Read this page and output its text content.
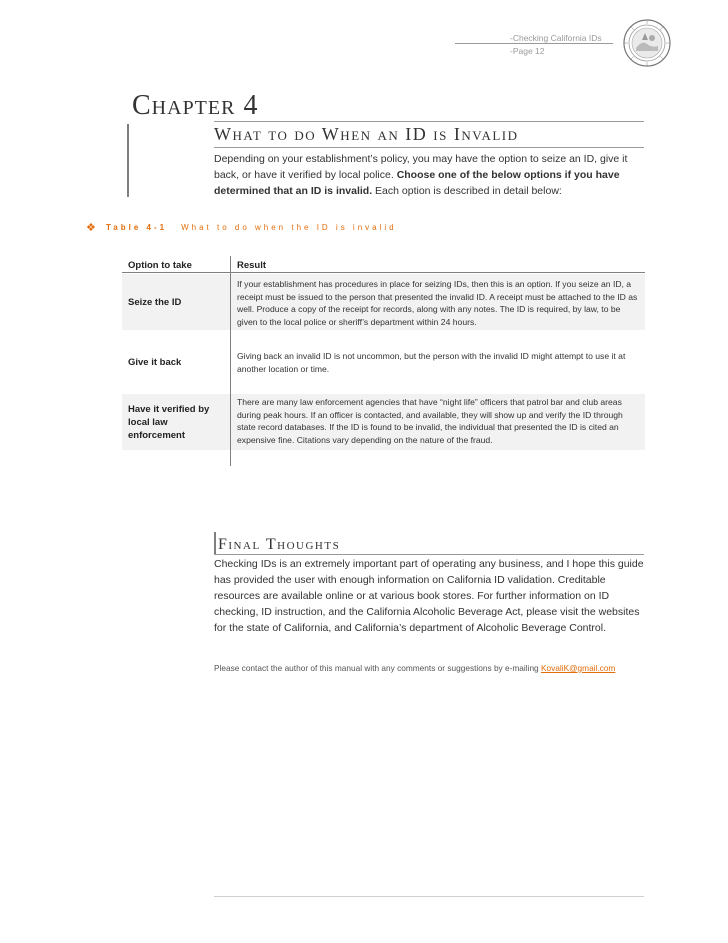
-Checking California IDs
-Page 12
Chapter 4
What to do When an ID is Invalid
Depending on your establishment’s policy, you may have the option to seize an ID, give it back, or have it verified by local police. Choose one of the below options if you have determined that an ID is invalid. Each option is described in detail below:
❖ Table 4-1 What to do when the ID is invalid
Option to take	Result
Seize the ID
If your establishment has procedures in place for seizing IDs, then this is an option. If you seize an ID, a receipt must be issued to the person that presented the invalid ID. A receipt must be attached to the ID as well. Produce a copy of the receipt for records, along with any notes. The ID is required, by law, to be given to the local police or sheriff’s department within 24 hours.
Give it back
Giving back an invalid ID is not uncommon, but the person with the invalid ID might attempt to use it at another location or time.
Have it verified by local law enforcement
There are many law enforcement agencies that have “night life” officers that patrol bar and club areas during peak hours. If an officer is contacted, and available, they will show up and verify the ID through state record databases. If the ID is found to be invalid, the individual that presented the ID is cited an expensive fine. Citations vary depending on the nature of the fraud.
Final Thoughts
Checking IDs is an extremely important part of operating any business, and I hope this guide has provided the user with enough information on California ID validation. Creditable resources are available online or at various book stores. For further information on ID checking, ID instruction, and the California Alcoholic Beverage Act, please visit the websites for the state of California, and California’s department of Alcoholic Beverage Control.
Please contact the author of this manual with any comments or suggestions by e-mailing KovaliK@gmail.com
